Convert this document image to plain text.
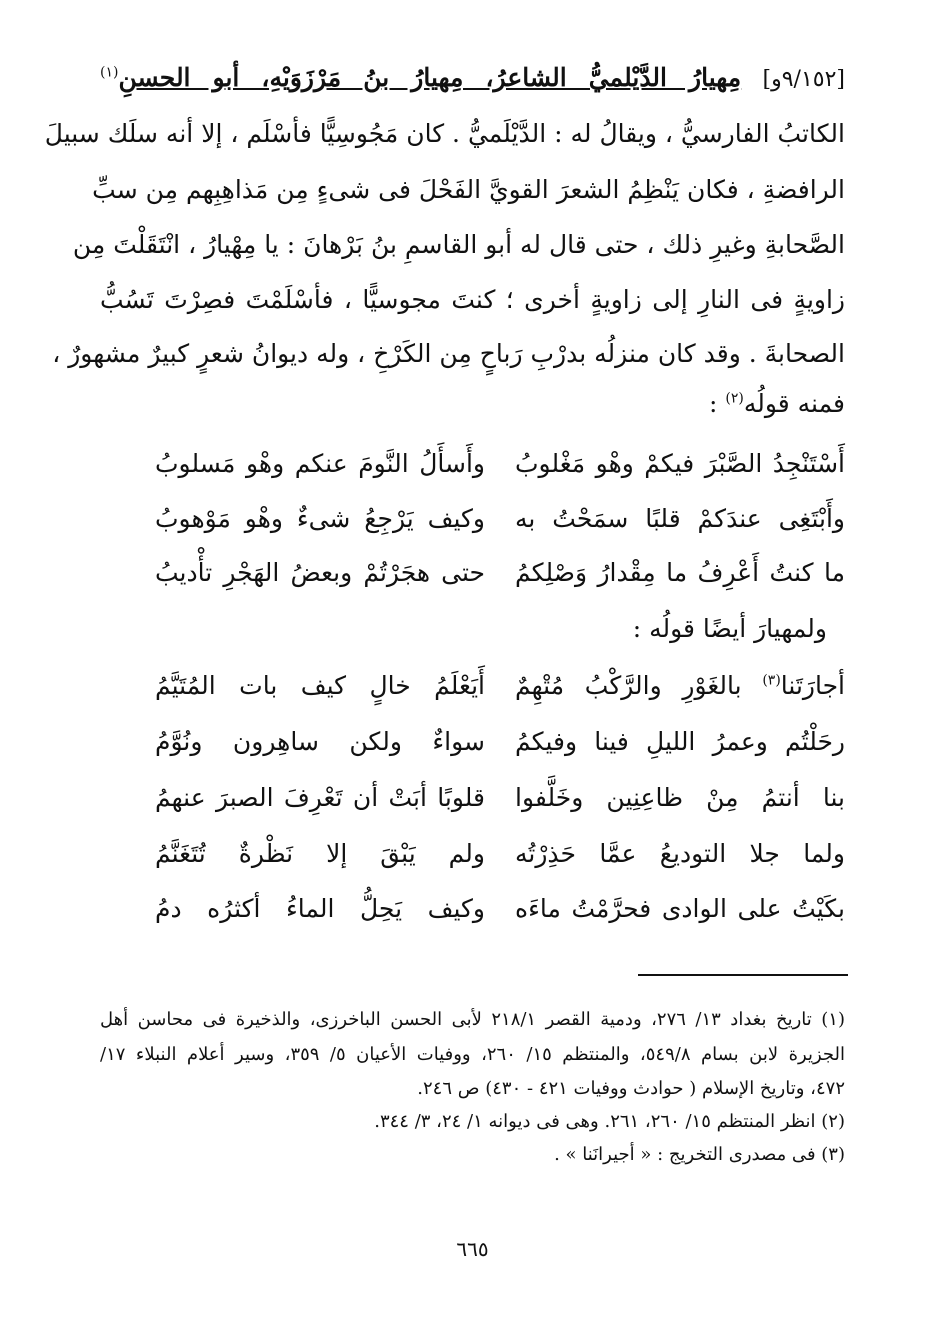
[٩/١٥٢و] مِهيارُ الدَّيْلميُّ الشاعرُ، مِهيارُ بنُ مَرْزَوَيْهِ، أبو الحسنِ$^{(١)}$
الكاتبُ الفارسيُّ ، ويقالُ له : الدَّيْلَميُّ . كان مَجُوسِيًّا فأسْلَم ، إلا أنه سلَك سبيلَ
الرافضةِ ، فكان يَنْظِمُ الشعرَ القويَّ الفَحْلَ فى شىءٍ مِن مَذاهِبِهم مِن سبِّ
الصَّحابةِ وغيرِ ذلك ، حتى قال له أبو القاسمِ بنُ بَرْهانَ : يا مِهْيارُ ، انْتَقَلْتَ مِن
زاويةٍ فى النارِ إلى زاويةٍ أخرى ؛ كنتَ مجوسيًّا ، فأسْلَمْتَ فصِرْتَ تَسُبُّ
الصحابةَ . وقد كان منزلُه بدرْبِ رَباحٍ مِن الكَرْخِ ، وله ديوانُ شعرٍ كبيرٌ مشهورٌ ،
فمنه قولُه$^{(٢)}$ :
أَسْتَنْجِدُ الصَّبْرَ فيكمْ وهْو مَغْلوبُ
وأَسأَلُ النَّومَ عنكم وهْو مَسلوبُ
وأَبْتَغِى عندَكمْ قلبًا سمَحْتُ به
وكيف يَرْجِعُ شىءٌ وهْو مَوْهوبُ
ما كنتُ أَعْرِفُ ما مِقْدارُ وَصْلِكمُ
حتى هجَرْتُمْ وبعضُ الهَجْرِ تأْديبُ
ولمهيارَ أيضًا قولُه :
أجارَتَنا$^{(٣)}$ بالغَوْرِ والرَّكْبُ مُتْهِمٌ
أَيَعْلَمُ خالٍ كيف بات المُتَيَّمُ
رحَلْتُم وعمرُ الليلِ فينا وفيكمُ
سواءٌ ولكن ساهِرون ونُوَّمُ
بنا أنتمُ مِنْ ظاعِنِين وخَلَّفوا
قلوبًا أبَتْ أن تَعْرِفَ الصبرَ عنهمُ
ولما جلا التوديعُ عمَّا حَذِرْتُه
ولم يَبْقَ إلا نَظْرةٌ تُتَغَنَّمُ
بكَيْتُ على الوادى فحرَّمْتُ ماءَه
وكيف يَحِلُّ الماءُ أكثرُه دمُ
(١) تاريخ بغداد ١٣/ ٢٧٦، ودمية القصر ٢١٨/١ لأبى الحسن الباخرزى، والذخيرة فى محاسن أهل
الجزيرة لابن بسام ٥٤٩/٨، والمنتظم ١٥/ ٢٦٠، ووفيات الأعيان ٥/ ٣٥٩، وسير أعلام النبلاء ١٧/
٤٧٢، وتاريخ الإسلام ( حوادث ووفيات ٤٢١ - ٤٣٠) ص ٢٤٦.
(٢) انظر المنتظم ١٥/ ٢٦٠، ٢٦١. وهى فى ديوانه ١/ ٢٤، ٣/ ٣٤٤.
(٣) فى مصدرى التخريج : « أجيرانَنا » .
٦٦٥
